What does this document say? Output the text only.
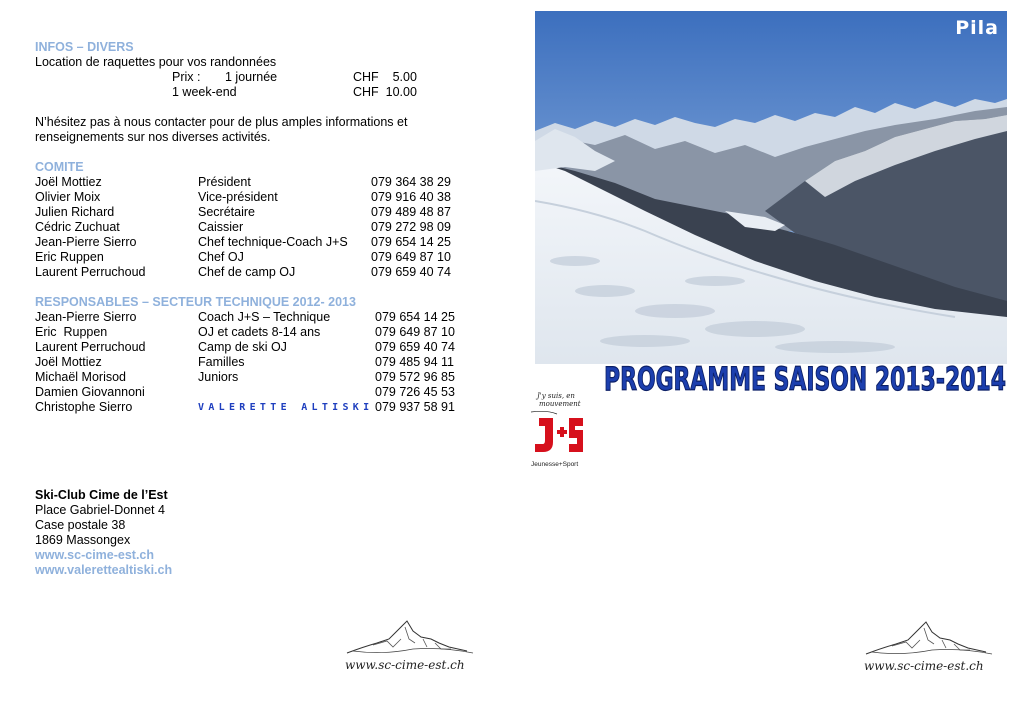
INFOS – DIVERS
Location de raquettes pour vos randonnées
Prix : 1 journée	CHF    5.00
1 week-end	CHF  10.00
N’hésitez pas à nous contacter pour de plus amples informations et
renseignements sur nos diverses activités.
COMITE
Joël Mottiez	Président	079 364 38 29
Olivier Moix	Vice-président	079 916 40 38
Julien Richard	Secrétaire	079 489 48 87
Cédric Zuchuat	Caissier	079 272 98 09
Jean-Pierre Sierro	Chef technique-Coach J+S 079 654 14 25
Eric Ruppen	Chef OJ	079 649 87 10
Laurent Perruchoud	Chef de camp OJ	079 659 40 74
RESPONSABLES – SECTEUR TECHNIQUE 2012- 2013
Jean-Pierre Sierro	Coach J+S – Technique	079 654 14 25
Eric  Ruppen	OJ et cadets 8-14 ans	079 649 87 10
Laurent Perruchoud	Camp de ski OJ	079 659 40 74
Joël Mottiez	Familles	079 485 94 11
Michaël Morisod	Juniors	079 572 96 85
Damien Giovannoni	079 726 45 53
Christophe Sierro	VALERETTE ALTISKI 079 937 58 91
Ski-Club Cime de l’Est
Place Gabriel-Donnet 4
Case postale 38
1869 Massongex
www.sc-cime-est.ch
www.valerettealtiski.ch
www.sc-cime-est.ch
Pila
PROGRAMME SAISON 2013-2014
J'y suis, en
mouvement
Jeunesse+Sport
www.sc-cime-est.ch
